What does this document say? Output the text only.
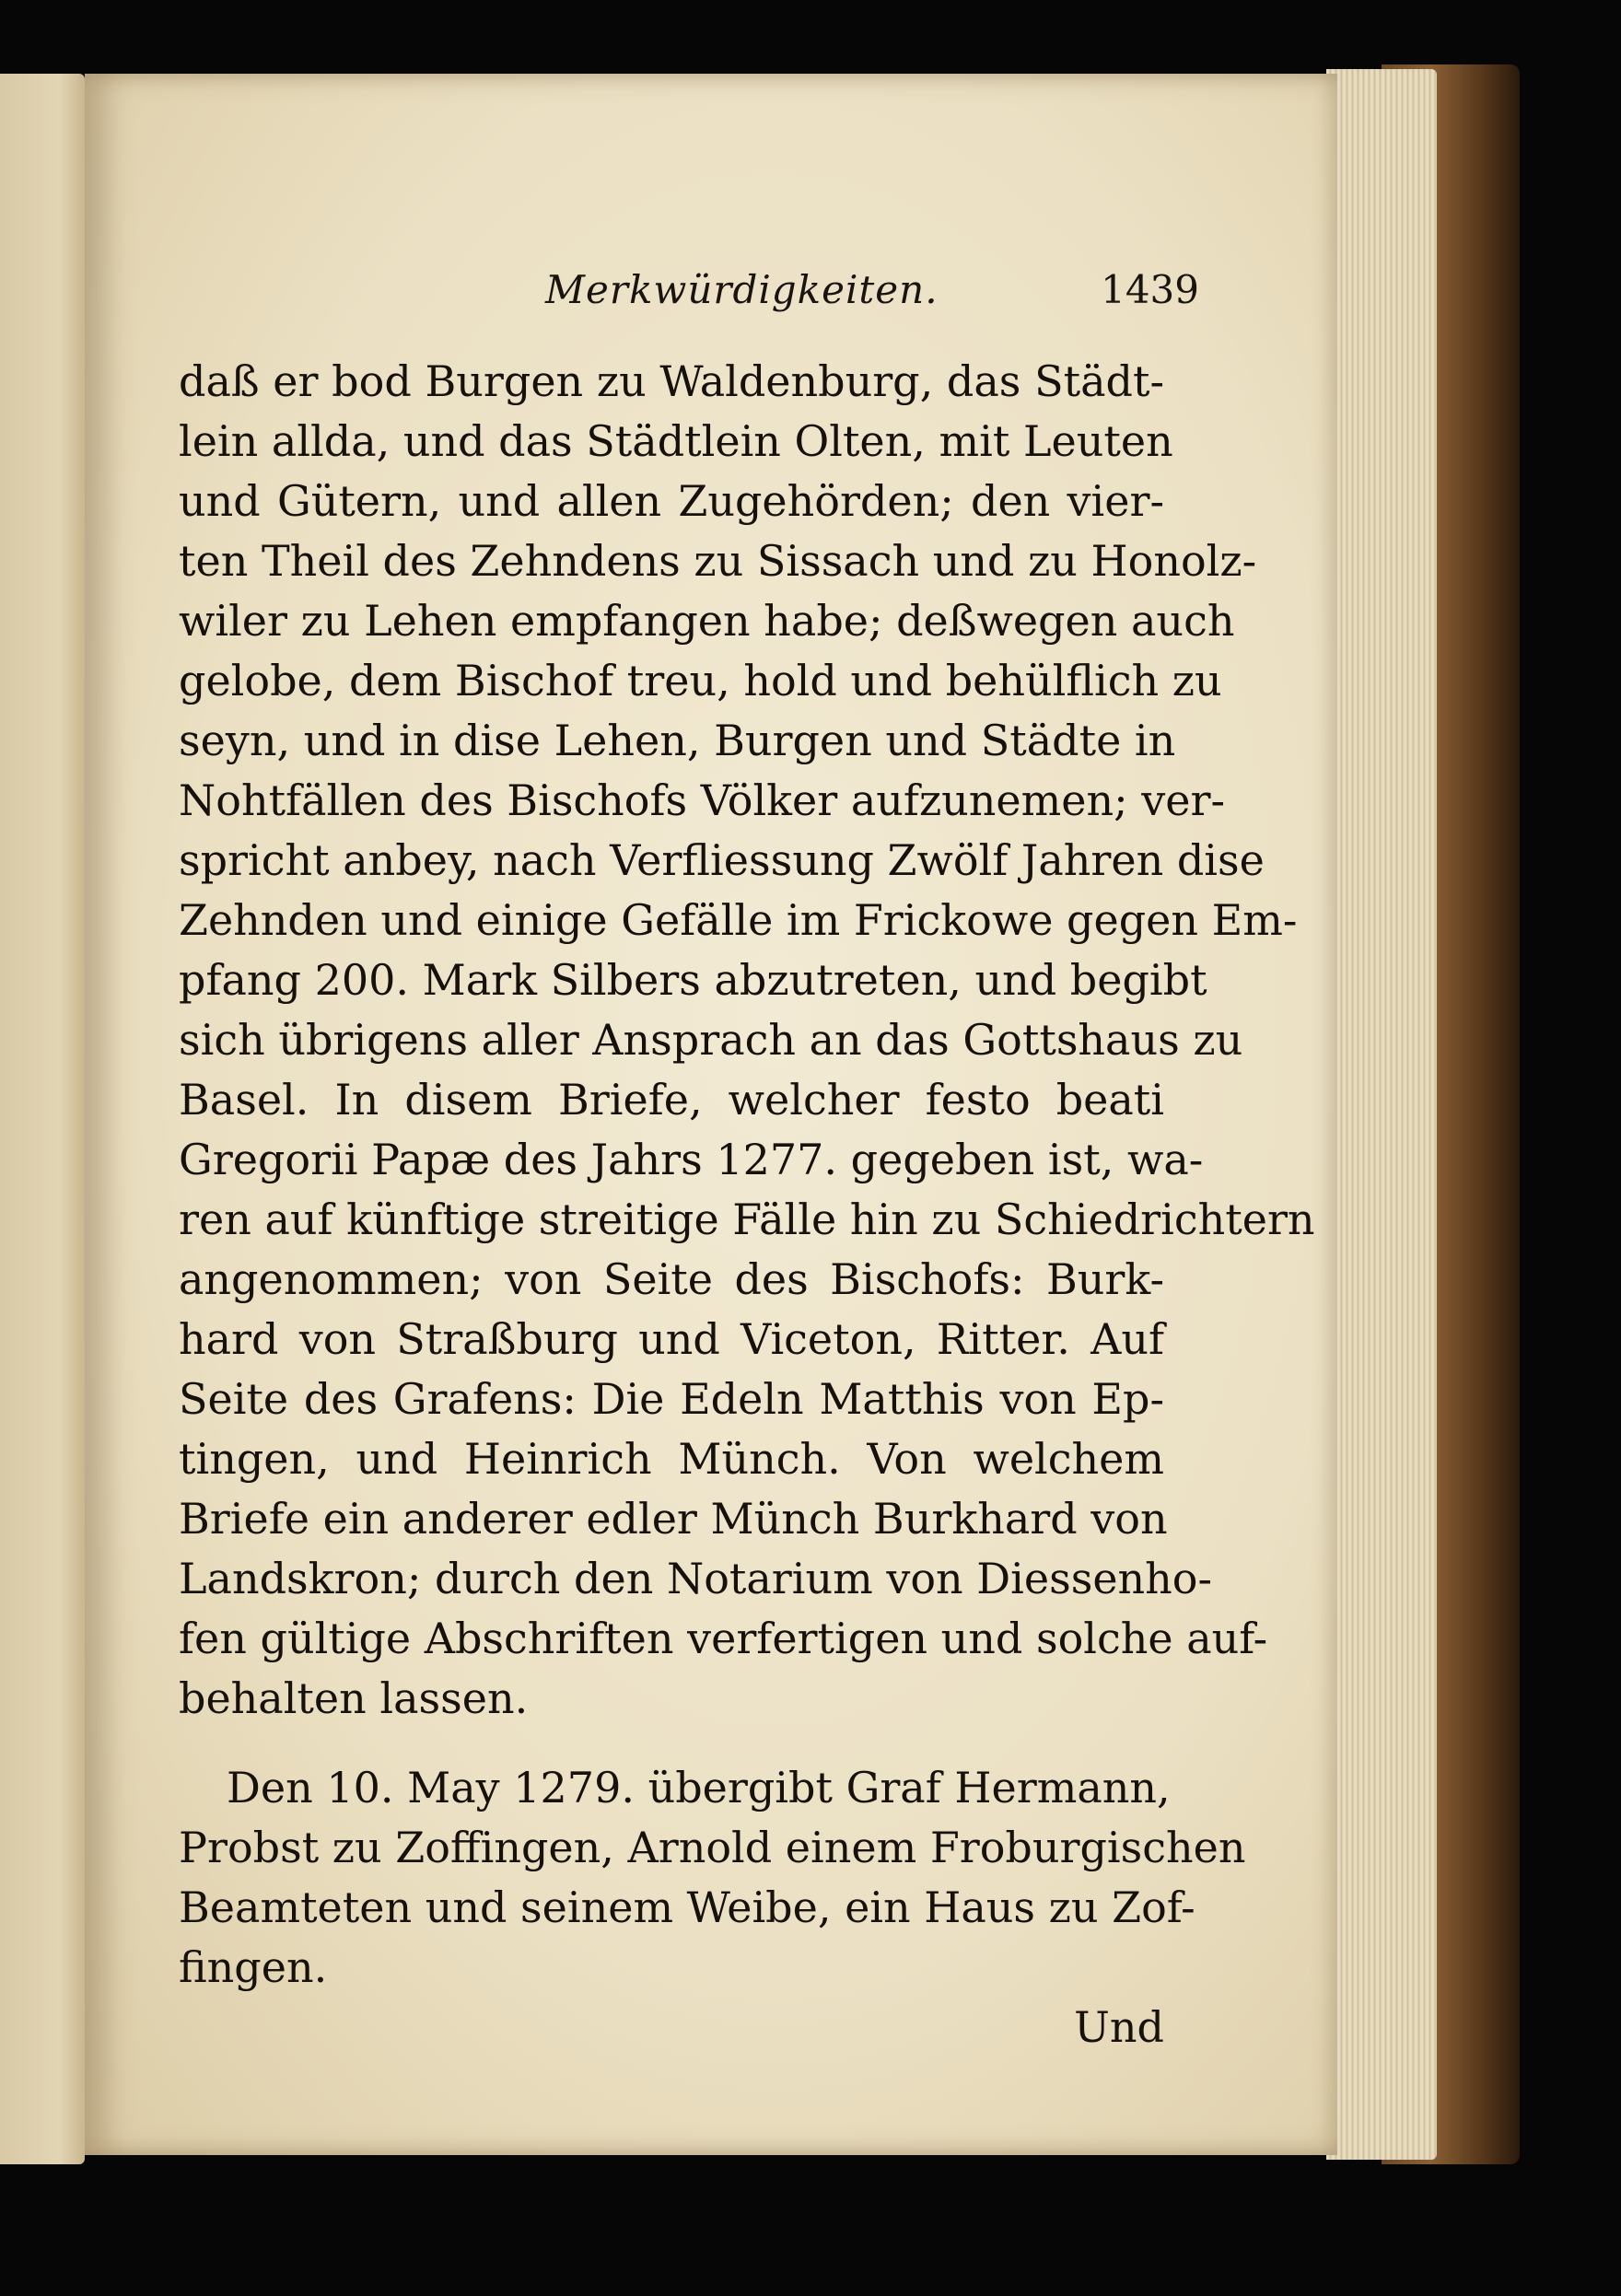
Merkwürdigkeiten.	1439
daß er bod Burgen zu Waldenburg, das Städt-
lein allda, und das Städtlein Olten, mit Leuten
und Gütern, und allen Zugehörden; den vier-
ten Theil des Zehndens zu Sissach und zu Honolz-
wiler zu Lehen empfangen habe; deßwegen auch
gelobe, dem Bischof treu, hold und behülflich zu
seyn, und in dise Lehen, Burgen und Städte in
Nohtfällen des Bischofs Völker aufzunemen; ver-
spricht anbey, nach Verfliessung Zwölf Jahren dise
Zehnden und einige Gefälle im Frickowe gegen Em-
pfang 200. Mark Silbers abzutreten, und begibt
sich übrigens aller Ansprach an das Gottshaus zu
Basel. In disem Briefe, welcher festo beati
Gregorii Papæ des Jahrs 1277. gegeben ist, wa-
ren auf künftige streitige Fälle hin zu Schiedrichtern
angenommen; von Seite des Bischofs: Burk-
hard von Straßburg und Viceton, Ritter. Auf
Seite des Grafens: Die Edeln Matthis von Ep-
tingen, und Heinrich Münch. Von welchem
Briefe ein anderer edler Münch Burkhard von
Landskron; durch den Notarium von Diessenho-
fen gültige Abschriften verfertigen und solche auf-
behalten lassen.
Den 10. May 1279. übergibt Graf Hermann,
Probst zu Zoffingen, Arnold einem Froburgischen
Beamteten und seinem Weibe, ein Haus zu Zof-
fingen.
Und
